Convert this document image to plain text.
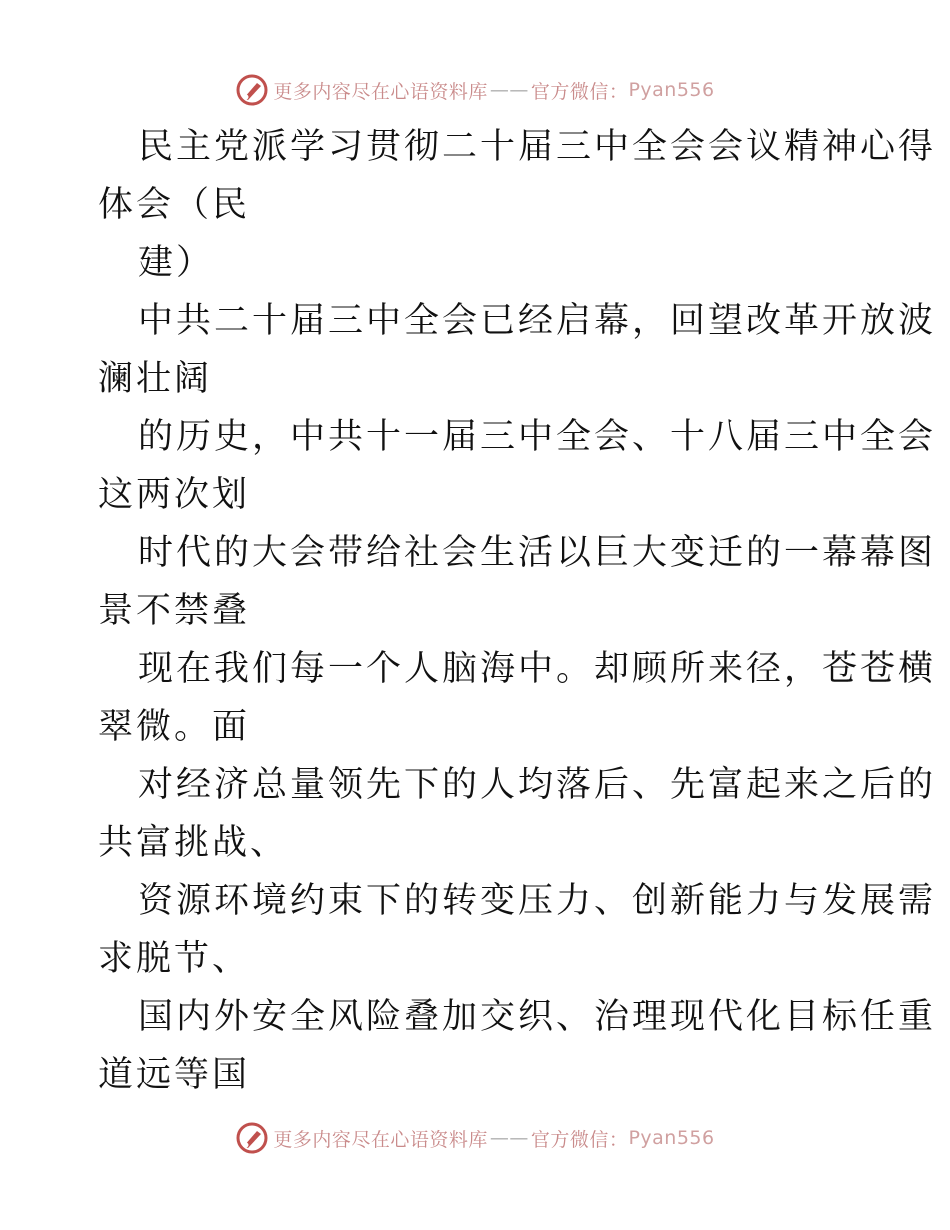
更多内容尽在心语资料库 —— 官方微信： Pyan556
民主党派学习贯彻二十届三中全会会议精神心得
体会（民
建）
中共二十届三中全会已经启幕，回望改革开放波
澜壮阔
的历史，中共十一届三中全会、十八届三中全会
这两次划
时代的大会带给社会生活以巨大变迁的一幕幕图
景不禁叠
现在我们每一个人脑海中。却顾所来径，苍苍横
翠微。面
对经济总量领先下的人均落后、先富起来之后的
共富挑战、
资源环境约束下的转变压力、创新能力与发展需
求脱节、
国内外安全风险叠加交织、治理现代化目标任重
道远等国
更多内容尽在心语资料库 —— 官方微信： Pyan556
